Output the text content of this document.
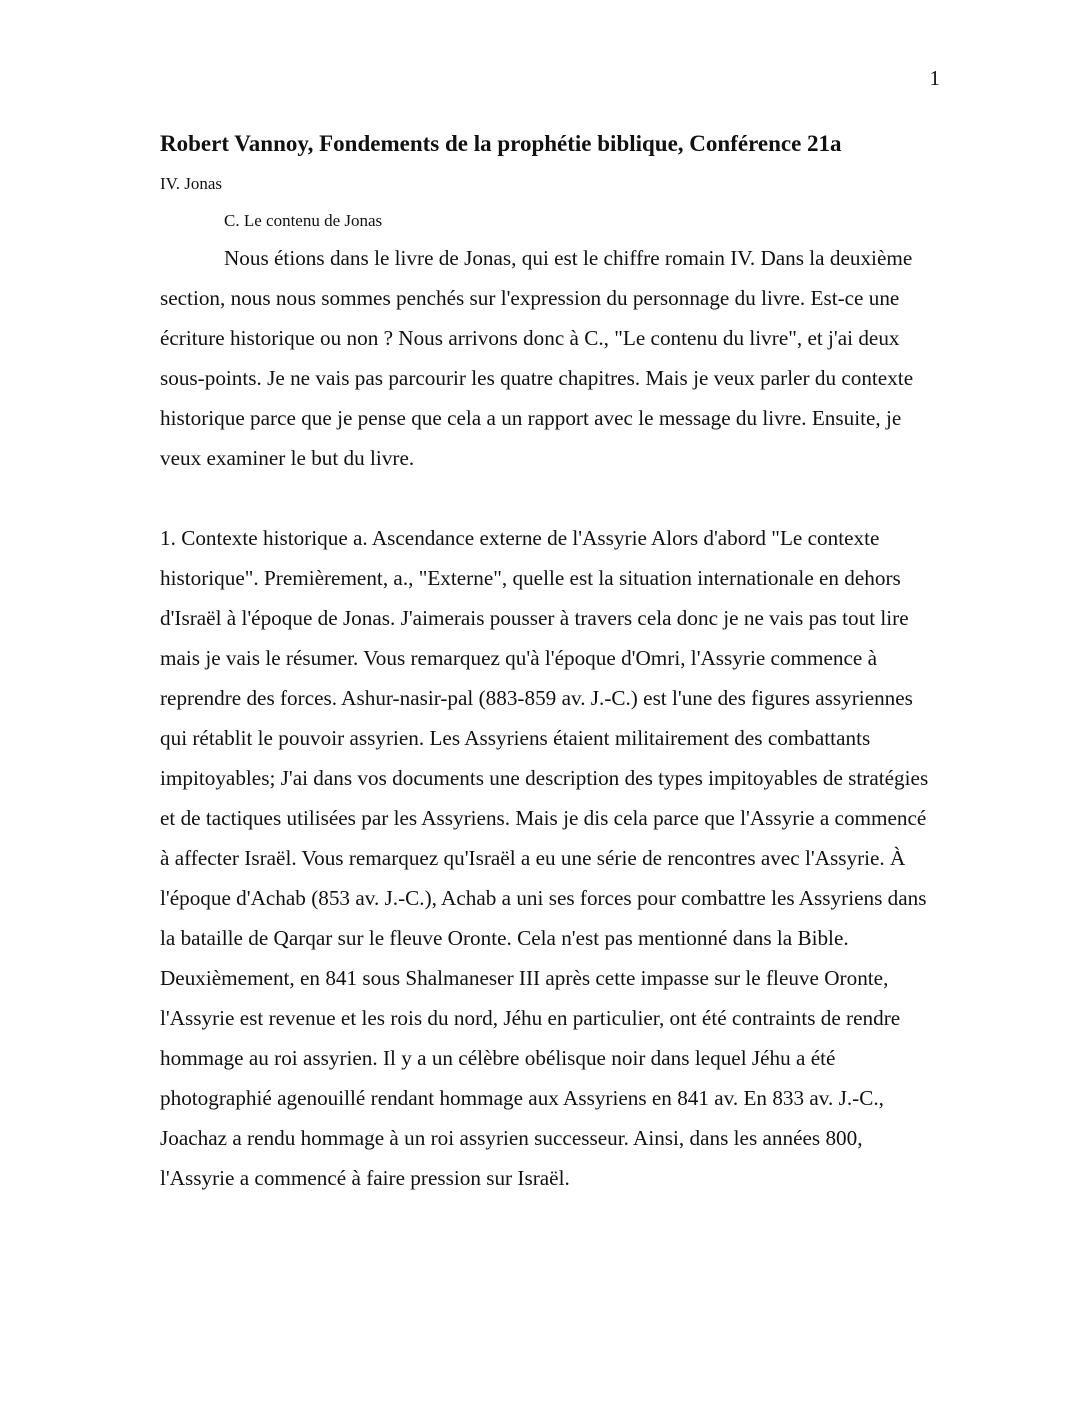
1
Robert Vannoy, Fondements de la prophétie biblique, Conférence 21a
IV. Jonas
C. Le contenu de Jonas

Nous étions dans le livre de Jonas, qui est le chiffre romain IV. Dans la deuxième section, nous nous sommes penchés sur l'expression du personnage du livre. Est-ce une écriture historique ou non ? Nous arrivons donc à C., "Le contenu du livre", et j'ai deux sous-points. Je ne vais pas parcourir les quatre chapitres. Mais je veux parler du contexte historique parce que je pense que cela a un rapport avec le message du livre. Ensuite, je veux examiner le but du livre.

1. Contexte historique a. Ascendance externe de l'Assyrie Alors d'abord "Le contexte historique". Premièrement, a., "Externe", quelle est la situation internationale en dehors d'Israël à l'époque de Jonas. J'aimerais pousser à travers cela donc je ne vais pas tout lire mais je vais le résumer. Vous remarquez qu'à l'époque d'Omri, l'Assyrie commence à reprendre des forces. Ashur-nasir-pal (883-859 av. J.-C.) est l'une des figures assyriennes qui rétablit le pouvoir assyrien. Les Assyriens étaient militairement des combattants impitoyables; J'ai dans vos documents une description des types impitoyables de stratégies et de tactiques utilisées par les Assyriens. Mais je dis cela parce que l'Assyrie a commencé à affecter Israël. Vous remarquez qu'Israël a eu une série de rencontres avec l'Assyrie. À l'époque d'Achab (853 av. J.-C.), Achab a uni ses forces pour combattre les Assyriens dans la bataille de Qarqar sur le fleuve Oronte. Cela n'est pas mentionné dans la Bible. Deuxièmement, en 841 sous Shalmaneser III après cette impasse sur le fleuve Oronte, l'Assyrie est revenue et les rois du nord, Jéhu en particulier, ont été contraints de rendre hommage au roi assyrien. Il y a un célèbre obélisque noir dans lequel Jéhu a été photographié agenouillé rendant hommage aux Assyriens en 841 av. En 833 av. J.-C., Joachaz a rendu hommage à un roi assyrien successeur. Ainsi, dans les années 800, l'Assyrie a commencé à faire pression sur Israël.
